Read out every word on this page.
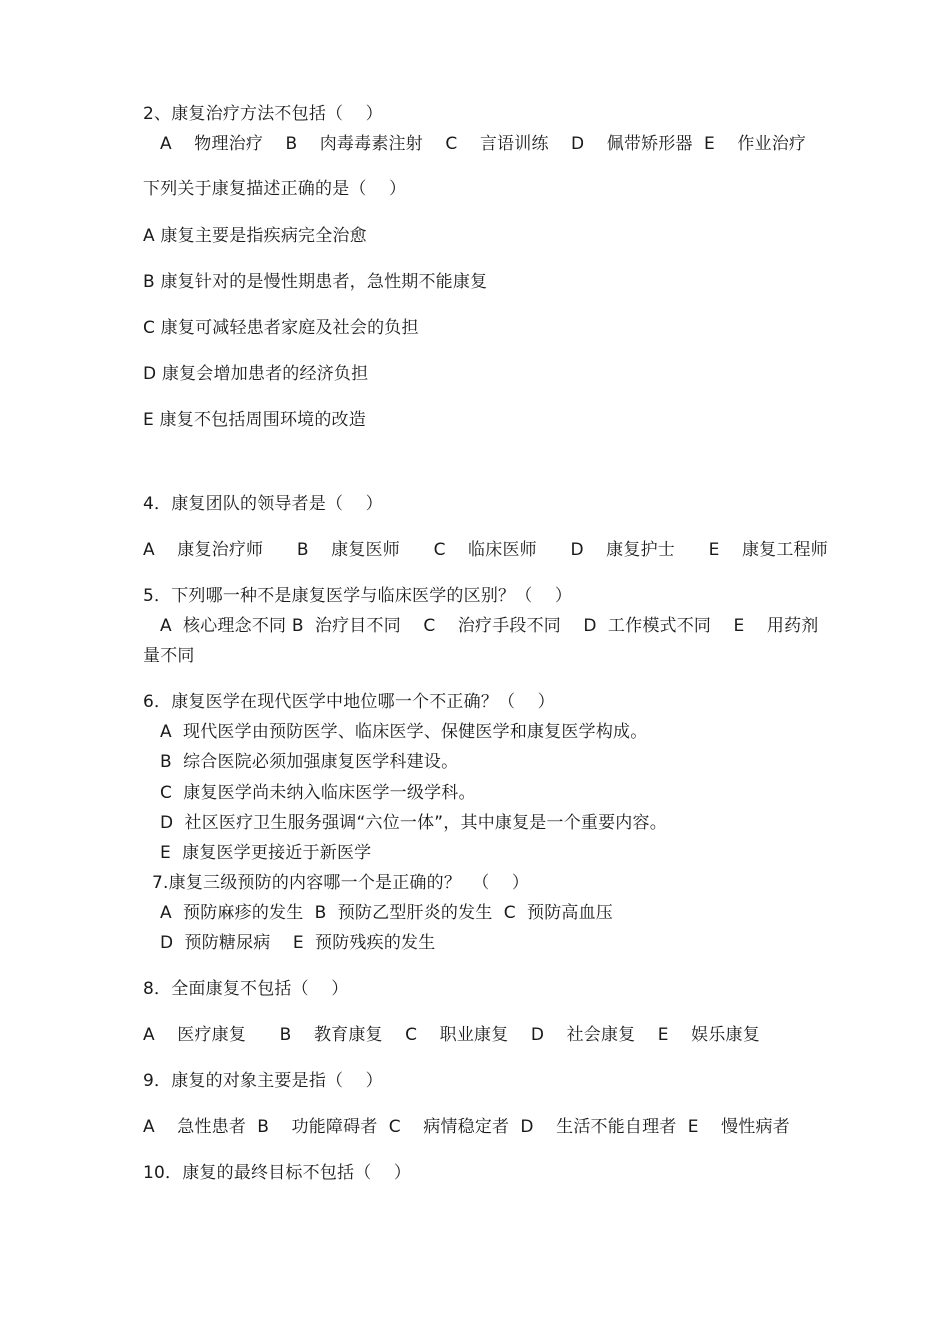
2、康复治疗方法不包括（    ）
A    物理治疗    B    肉毒毒素注射    C    言语训练    D    佩带矫形器  E    作业治疗
下列关于康复描述正确的是（    ）
A 康复主要是指疾病完全治愈
B 康复针对的是慢性期患者，急性期不能康复
C 康复可减轻患者家庭及社会的负担
D 康复会增加患者的经济负担
E 康复不包括周围环境的改造
4．康复团队的领导者是（    ）
A    康复治疗师      B    康复医师      C    临床医师      D    康复护士      E    康复工程师
5．下列哪一种不是康复医学与临床医学的区别？（    ）
A  核心理念不同 B  治疗目不同    C    治疗手段不同    D  工作模式不同    E    用药剂
量不同
6．康复医学在现代医学中地位哪一个不正确？（    ）
A  现代医学由预防医学、临床医学、保健医学和康复医学构成。
B  综合医院必须加强康复医学科建设。
C  康复医学尚未纳入临床医学一级学科。
D  社区医疗卫生服务强调“六位一体”，其中康复是一个重要内容。
E  康复医学更接近于新医学
7.康复三级预防的内容哪一个是正确的？  （    ）
A  预防麻疹的发生  B  预防乙型肝炎的发生  C  预防高血压
D  预防糖尿病    E  预防残疾的发生
8．全面康复不包括（    ）
A    医疗康复      B    教育康复    C    职业康复    D    社会康复    E    娱乐康复
9．康复的对象主要是指（    ）
A    急性患者  B    功能障碍者  C    病情稳定者  D    生活不能自理者  E    慢性病者
10．康复的最终目标不包括（    ）
